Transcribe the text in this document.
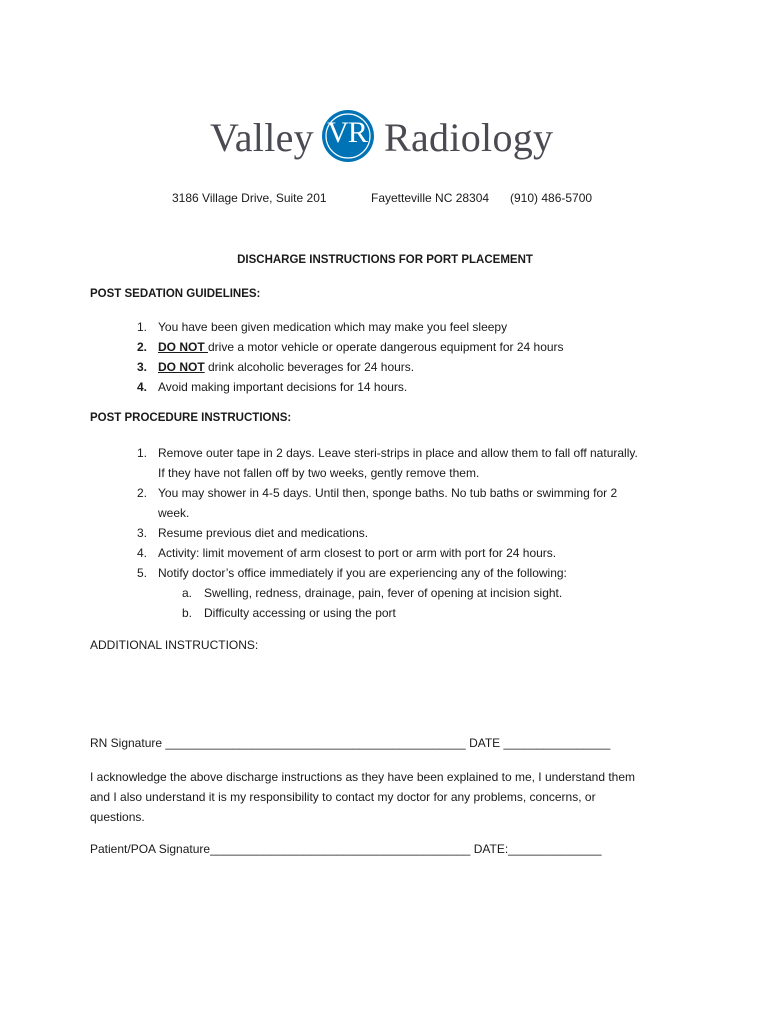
Valley VR Radiology

3186 Village Drive, Suite 201

	Fayetteville NC 28304

(910) 486-5700

DISCHARGE INSTRUCTIONS FOR PORT PLACEMENT
POST SEDATION GUIDELINES:
1. You have been given medication which may make you feel sleepy
2. DO NOT drive a motor vehicle or operate dangerous equipment for 24 hours
3. DO NOT drink alcoholic beverages for 24 hours.
4. Avoid making important decisions for 14 hours.
POST PROCEDURE INSTRUCTIONS:
1. Remove outer tape in 2 days. Leave steri-strips in place and allow them to fall off naturally.
If they have not fallen off by two weeks, gently remove them.
2. You may shower in 4-5 days. Until then, sponge baths. No tub baths or swimming for 2
week.
3. Resume previous diet and medications.
4. Activity: limit movement of arm closest to port or arm with port for 24 hours.
5. Notify doctor’s office immediately if you are experiencing any of the following:
a. Swelling, redness, drainage, pain, fever of opening at incision sight.
b. Difficulty accessing or using the port
ADDITIONAL INSTRUCTIONS:
RN Signature _____________________________________________ DATE ________________
I acknowledge the above discharge instructions as they have been explained to me, I understand them
and I also understand it is my responsibility to contact my doctor for any problems, concerns, or
questions.
Patient/POA Signature_______________________________________ DATE:______________
